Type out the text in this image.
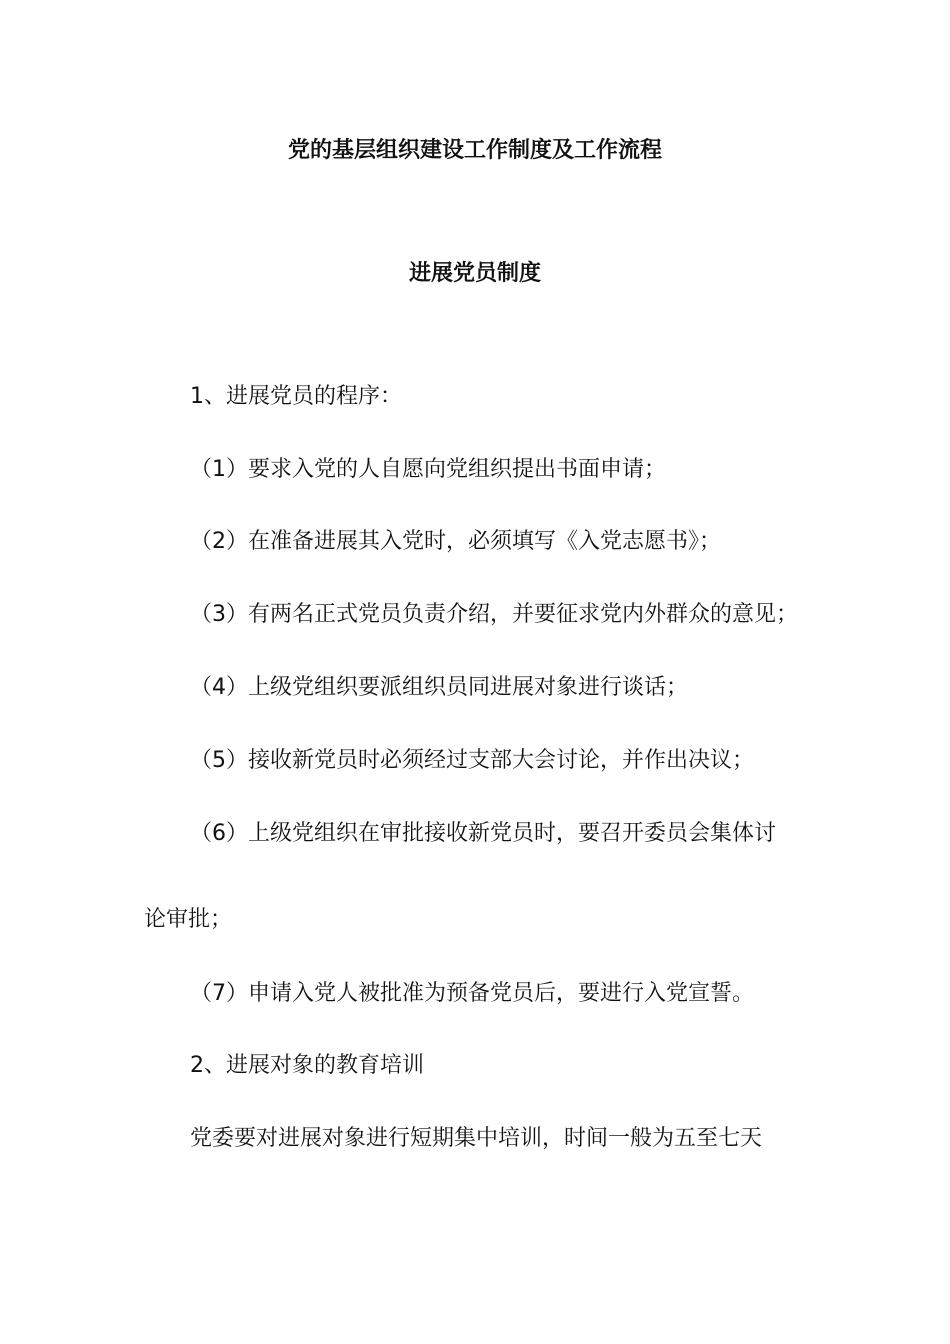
党的基层组织建设工作制度及工作流程
进展党员制度
1、进展党员的程序：
（1）要求入党的人自愿向党组织提出书面申请；
（2）在准备进展其入党时，必须填写《入党志愿书》；
（3）有两名正式党员负责介绍，并要征求党内外群众的意见；
（4）上级党组织要派组织员同进展对象进行谈话；
（5）接收新党员时必须经过支部大会讨论，并作出决议；
（6）上级党组织在审批接收新党员时，要召开委员会集体讨
论审批；
（7）申请入党人被批准为预备党员后，要进行入党宣誓。
2、进展对象的教育培训
党委要对进展对象进行短期集中培训，时间一般为五至七天
